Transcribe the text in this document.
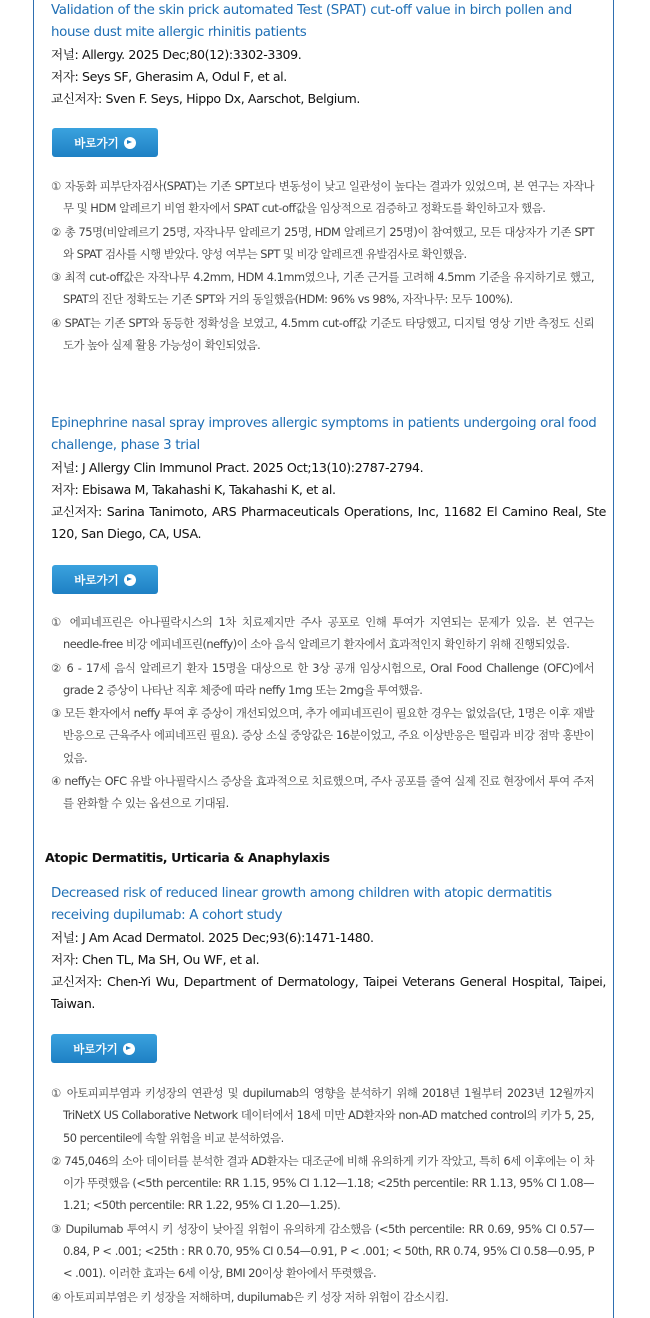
Validation of the skin prick automated Test (SPAT) cut-off value in birch pollen and house dust mite allergic rhinitis patients

저널: Allergy. 2025 Dec;80(12):3302-3309.

저자: Seys SF, Gherasim A, Odul F, et al.

교신저자: Sven F. Seys, Hippo Dx, Aarschot, Belgium.

바로가기

① 자동화 피부단자검사(SPAT)는 기존 SPT보다 변동성이 낮고 일관성이 높다는 결과가 있었으며, 본 연구는 자작나무 및 HDM 알레르기 비염 환자에서 SPAT cut-off값을 임상적으로 검증하고 정확도를 확인하고자 했음.

② 총 75명(비알레르기 25명, 자작나무 알레르기 25명, HDM 알레르기 25명)이 참여했고, 모든 대상자가 기존 SPT와 SPAT 검사를 시행 받았다. 양성 여부는 SPT 및 비강 알레르겐 유발검사로 확인했음.

③ 최적 cut-off값은 자작나무 4.2mm, HDM 4.1mm였으나, 기존 근거를 고려해 4.5mm 기준을 유지하기로 했고, SPAT의 진단 정확도는 기존 SPT와 거의 동일했음(HDM: 96% vs 98%, 자작나무: 모두 100%).

④ SPAT는 기존 SPT와 동등한 정확성을 보였고, 4.5mm cut-off값 기준도 타당했고, 디지털 영상 기반 측정도 신뢰도가 높아 실제 활용 가능성이 확인되었음.

Epinephrine nasal spray improves allergic symptoms in patients undergoing oral food challenge, phase 3 trial

저널: J Allergy Clin Immunol Pract. 2025 Oct;13(10):2787-2794.

저자: Ebisawa M, Takahashi K, Takahashi K, et al.

교신저자: Sarina Tanimoto, ARS Pharmaceuticals Operations, Inc, 11682 El Camino Real, Ste 120, San Diego, CA, USA.

바로가기

① 에피네프린은 아나필락시스의 1차 치료제지만 주사 공포로 인해 투여가 지연되는 문제가 있음. 본 연구는 needle-free 비강 에피네프린(neffy)이 소아 음식 알레르기 환자에서 효과적인지 확인하기 위해 진행되었음.

② 6 - 17세 음식 알레르기 환자 15명을 대상으로 한 3상 공개 임상시험으로, Oral Food Challenge (OFC)에서 grade 2 증상이 나타난 직후 체중에 따라 neffy 1mg 또는 2mg을 투여했음.

③ 모든 환자에서 neffy 투여 후 증상이 개선되었으며, 추가 에피네프린이 필요한 경우는 없었음(단, 1명은 이후 재발반응으로 근육주사 에피네프린 필요). 증상 소실 중앙값은 16분이었고, 주요 이상반응은 떨림과 비강 점막 홍반이었음.

④ neffy는 OFC 유발 아나필락시스 증상을 효과적으로 치료했으며, 주사 공포를 줄여 실제 진료 현장에서 투여 주저를 완화할 수 있는 옵션으로 기대됨.

Atopic Dermatitis, Urticaria & Anaphylaxis

Decreased risk of reduced linear growth among children with atopic dermatitis receiving dupilumab: A cohort study

저널: J Am Acad Dermatol. 2025 Dec;93(6):1471-1480.

저자: Chen TL, Ma SH, Ou WF, et al.

교신저자: Chen-Yi Wu, Department of Dermatology, Taipei Veterans General Hospital, Taipei, Taiwan.

바로가기

① 아토피피부염과 키성장의 연관성 및 dupilumab의 영향을 분석하기 위해 2018년 1월부터 2023년 12월까지 TriNetX US Collaborative Network 데이터에서 18세 미만 AD환자와 non-AD matched control의 키가 5, 25, 50 percentile에 속할 위험을 비교 분석하였음.

② 745,046의 소아 데이터를 분석한 결과 AD환자는 대조군에 비해 유의하게 키가 작았고, 특히 6세 이후에는 이 차이가 뚜렷했음 (<5th percentile: RR 1.15, 95% CI 1.12—1.18; <25th percentile: RR 1.13, 95% CI 1.08—1.21; <50th percentile: RR 1.22, 95% CI 1.20—1.25).

③ Dupilumab 투여시 키 성장이 낮아질 위험이 유의하게 감소했음 (<5th percentile: RR 0.69, 95% CI 0.57—0.84, P < .001; <25th : RR 0.70, 95% CI 0.54—0.91, P < .001; < 50th, RR 0.74, 95% CI 0.58—0.95, P < .001). 이러한 효과는 6세 이상, BMI 20이상 환아에서 뚜렷했음.

④ 아토피피부염은 키 성장을 저해하며, dupilumab은 키 성장 저하 위험이 감소시킴.
